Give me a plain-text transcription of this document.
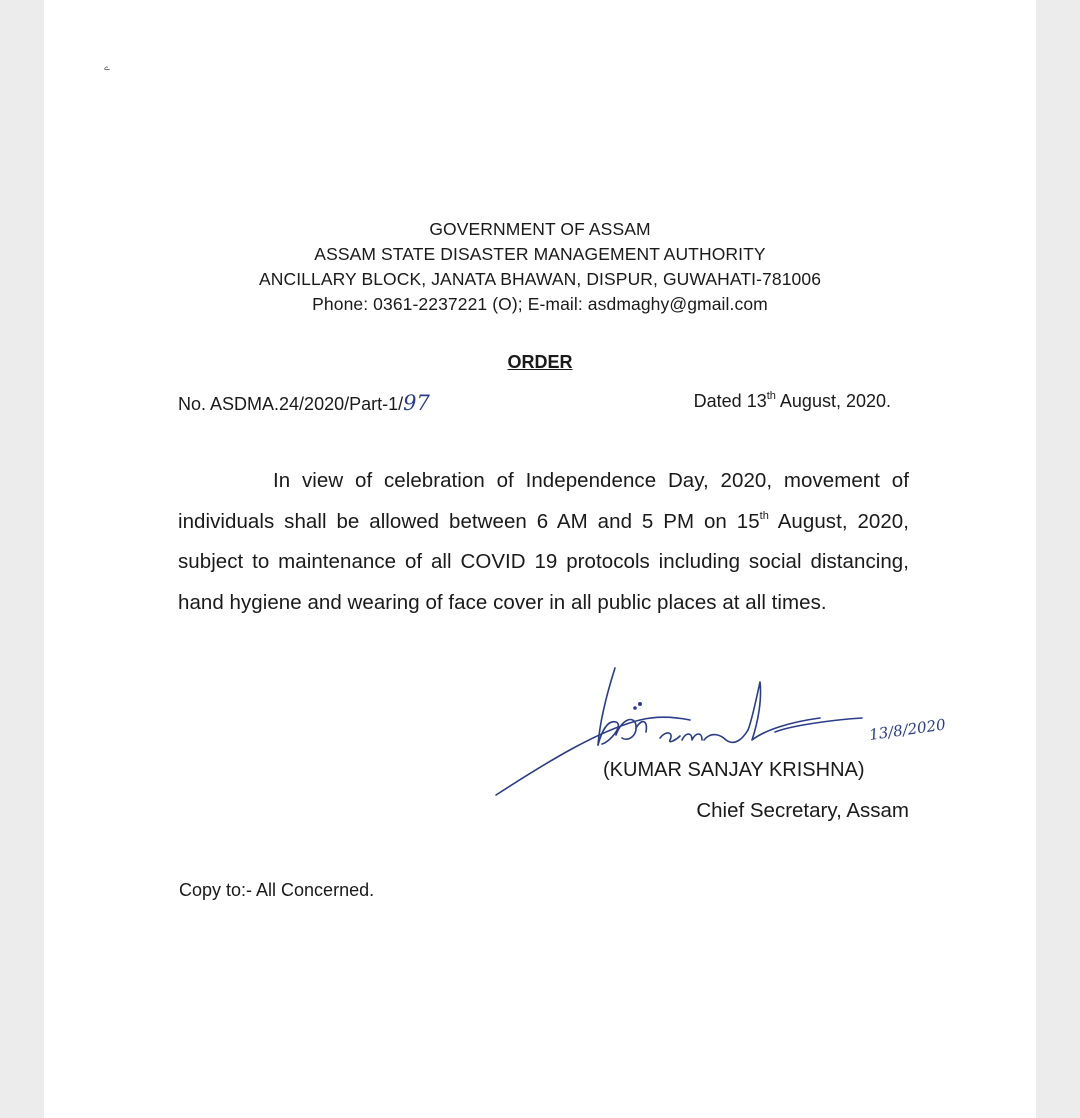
ے
GOVERNMENT OF ASSAM
ASSAM STATE DISASTER MANAGEMENT AUTHORITY
ANCILLARY BLOCK, JANATA BHAWAN, DISPUR, GUWAHATI-781006
Phone: 0361-2237221 (O); E-mail: asdmaghy@gmail.com
ORDER
No. ASDMA.24/2020/Part-1/97	Dated 13th August, 2020.
In view of celebration of Independence Day, 2020, movement of individuals shall be allowed between 6 AM and 5 PM on 15th August, 2020, subject to maintenance of all COVID 19 protocols including social distancing, hand hygiene and wearing of face cover in all public places at all times.
13/8/2020
(KUMAR SANJAY KRISHNA)
Chief Secretary, Assam
Copy to:- All Concerned.
